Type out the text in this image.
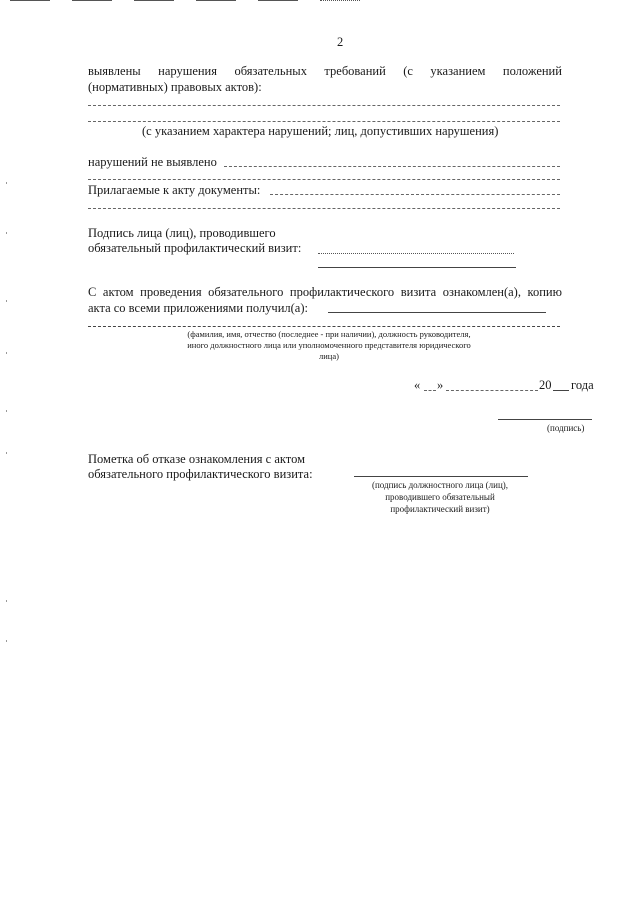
2
выявлены нарушения обязательных требований (с указанием положений
(нормативных) правовых актов):
(с указанием характера нарушений; лиц, допустивших нарушения)
нарушений не выявлено
Прилагаемые к акту документы:
Подпись лица (лиц), проводившего
обязательный профилактический визит:
С актом проведения обязательного профилактического визита ознакомлен(а), копию
акта со всеми приложениями получил(а):
(фамилия, имя, отчество (последнее - при наличии), должность руководителя,
иного должностного лица или уполномоченного представителя юридического
лица)
« »	20 года
(подпись)
Пометка об отказе ознакомления с актом
обязательного профилактического визита:
(подпись должностного лица (лиц),
проводившего обязательный
профилактический визит)
